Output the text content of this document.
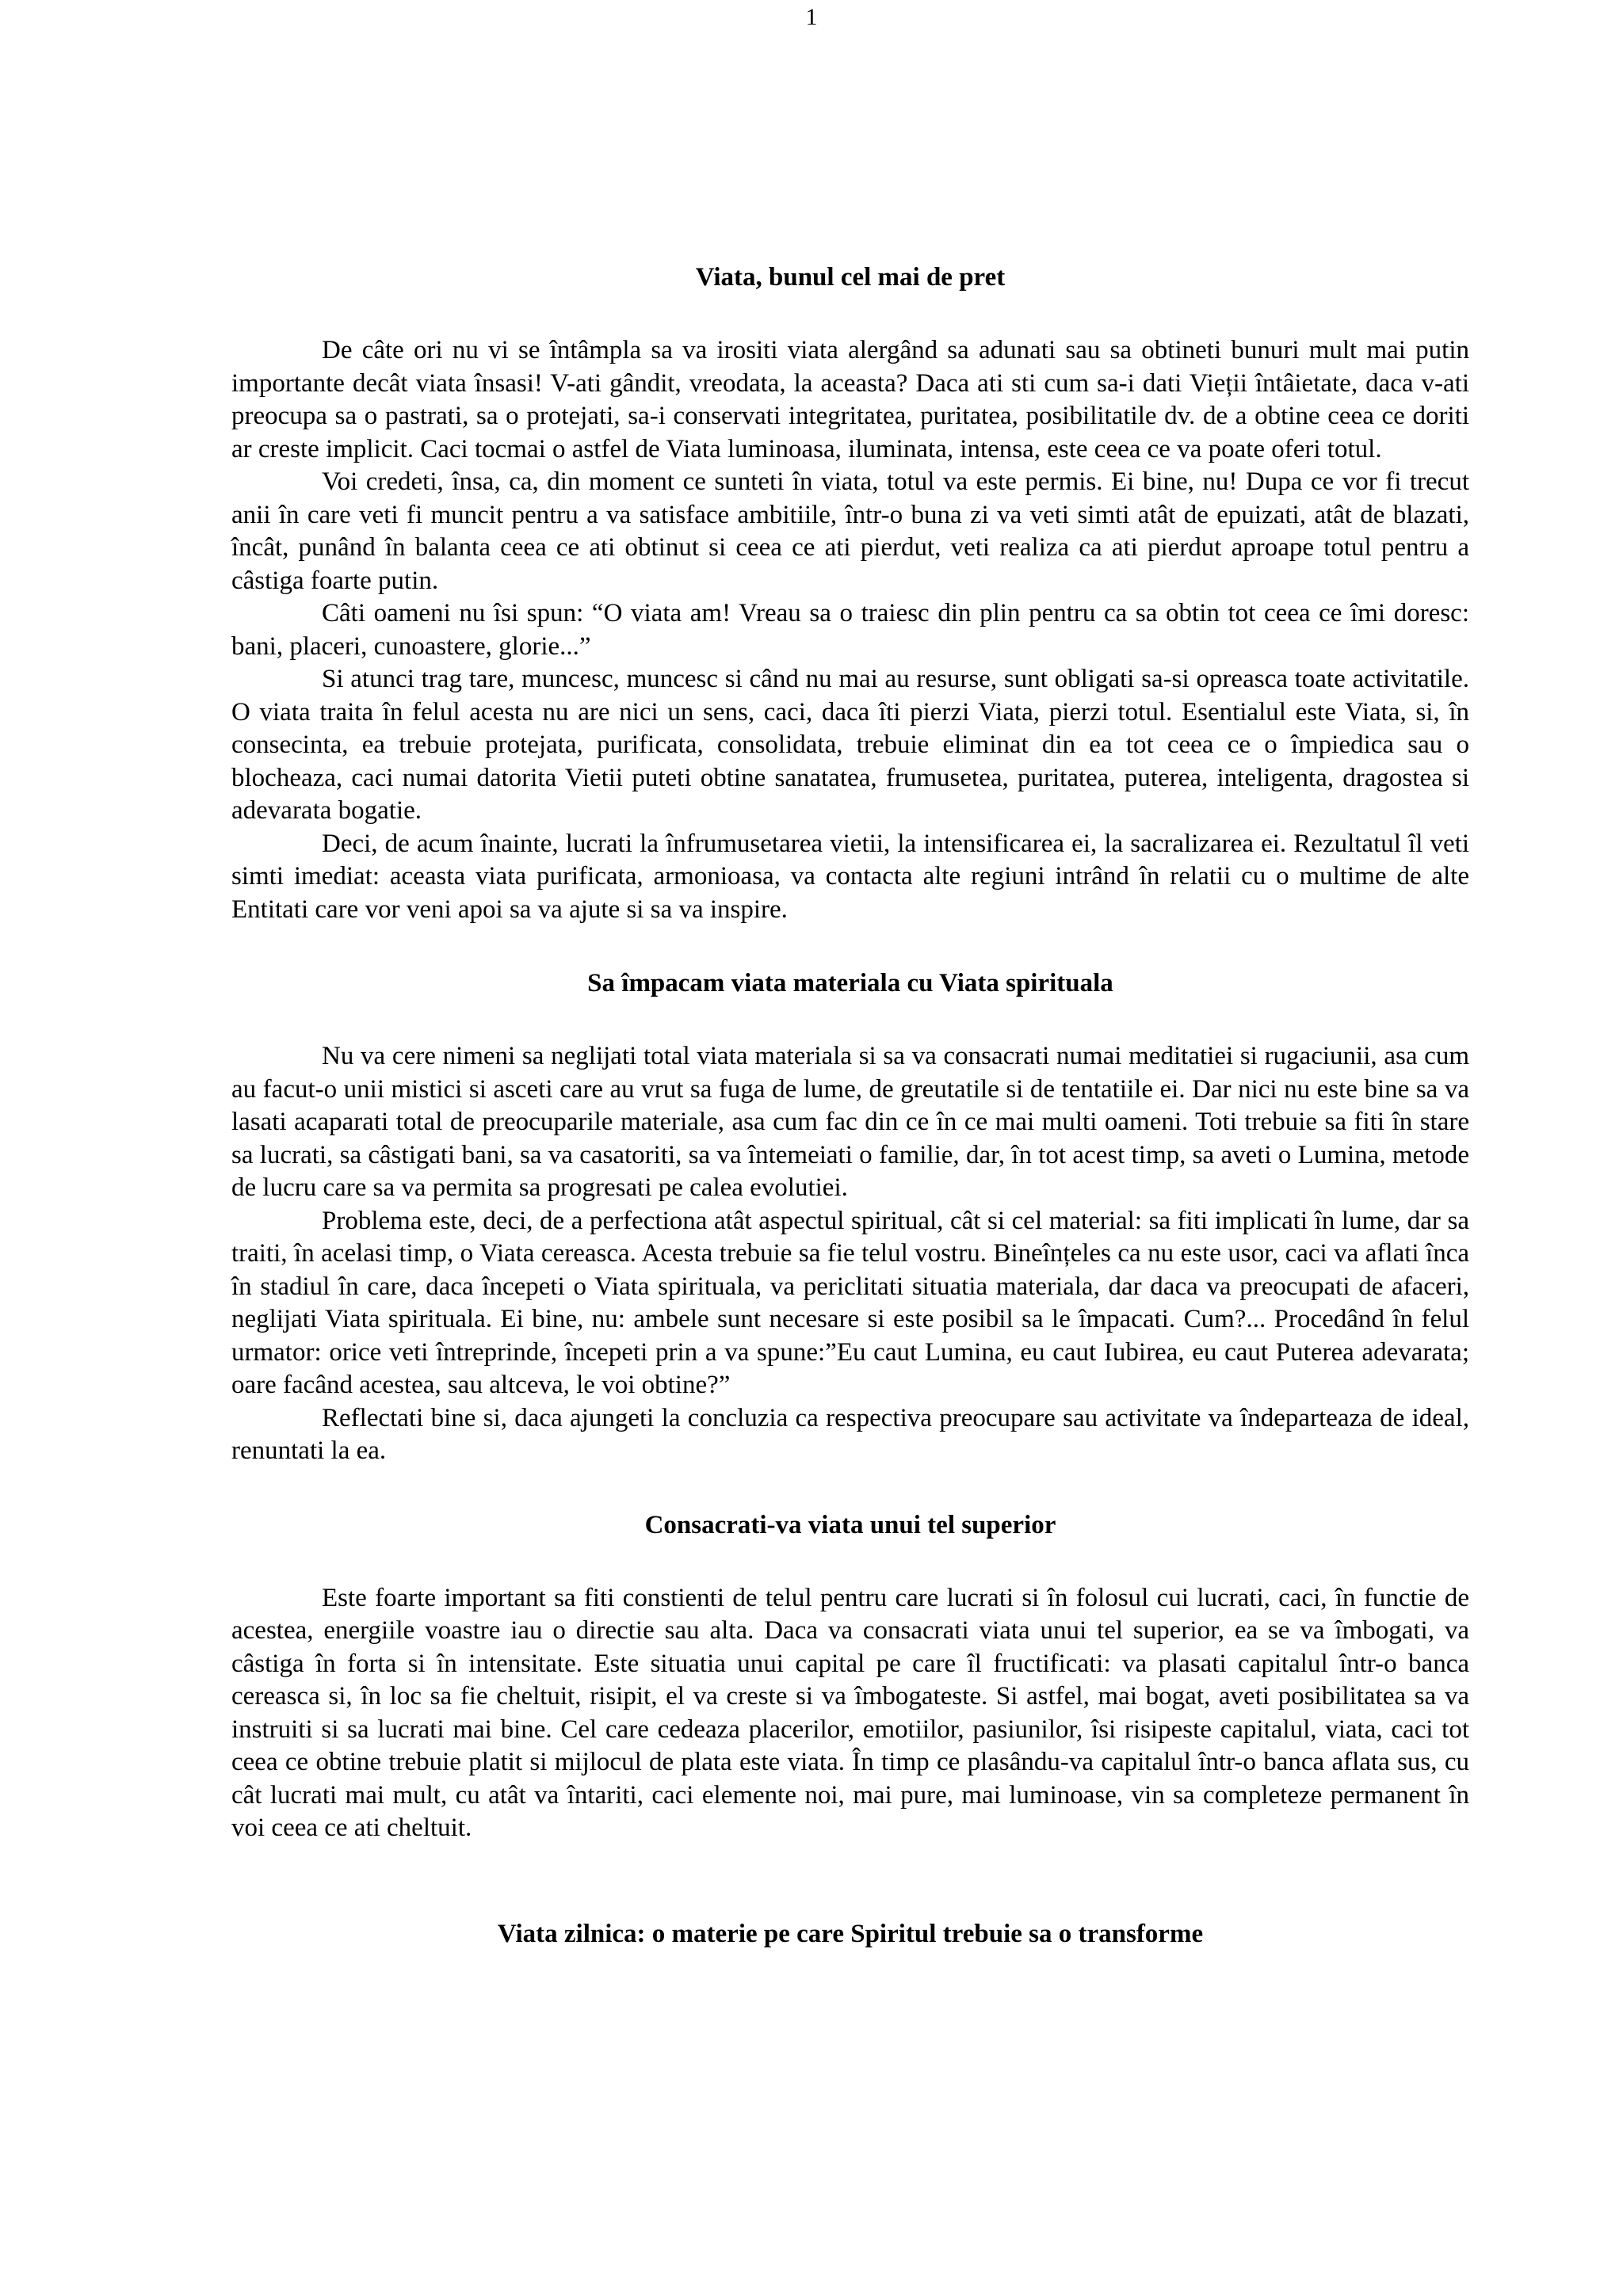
1
Viata, bunul cel mai de pret

De câte ori nu vi se întâmpla sa va irositi viata alergând sa adunati sau sa obtineti bunuri mult mai putin importante decât viata însasi! V-ati gândit, vreodata, la aceasta? Daca ati sti cum sa-i dati Vieții întâietate, daca v-ati preocupa sa o pastrati, sa o protejati, sa-i conservati integritatea, puritatea, posibilitatile dv. de a obtine ceea ce doriti ar creste implicit. Caci tocmai o astfel de Viata luminoasa, iluminata, intensa, este ceea ce va poate oferi totul.

Voi credeti, însa, ca, din moment ce sunteti în viata, totul va este permis. Ei bine, nu! Dupa ce vor fi trecut anii în care veti fi muncit pentru a va satisface ambitiile, într-o buna zi va veti simti atât de epuizati, atât de blazati, încât, punând în balanta ceea ce ati obtinut si ceea ce ati pierdut, veti realiza ca ati pierdut aproape totul pentru a câstiga foarte putin.

Câti oameni nu îsi spun: “O viata am! Vreau sa o traiesc din plin pentru ca sa obtin tot ceea ce îmi doresc: bani, placeri, cunoastere, glorie...”

Si atunci trag tare, muncesc, muncesc si când nu mai au resurse, sunt obligati sa-si opreasca toate activitatile. O viata traita în felul acesta nu are nici un sens, caci, daca îti pierzi Viata, pierzi totul. Esentialul este Viata, si, în consecinta, ea trebuie protejata, purificata, consolidata, trebuie eliminat din ea tot ceea ce o împiedica sau o blocheaza, caci numai datorita Vietii puteti obtine sanatatea, frumusetea, puritatea, puterea, inteligenta, dragostea si adevarata bogatie.

Deci, de acum înainte, lucrati la înfrumusetarea vietii, la intensificarea ei, la sacralizarea ei. Rezultatul îl veti simti imediat: aceasta viata purificata, armonioasa, va contacta alte regiuni intrând în relatii cu o multime de alte Entitati care vor veni apoi sa va ajute si sa va inspire.

Sa împacam viata materiala cu Viata spirituala

Nu va cere nimeni sa neglijati total viata materiala si sa va consacrati numai meditatiei si rugaciunii, asa cum au facut-o unii mistici si asceti care au vrut sa fuga de lume, de greutatile si de tentatiile ei. Dar nici nu este bine sa va lasati acaparati total de preocuparile materiale, asa cum fac din ce în ce mai multi oameni. Toti trebuie sa fiti în stare sa lucrati, sa câstigati bani, sa va casatoriti, sa va întemeiati o familie, dar, în tot acest timp, sa aveti o Lumina, metode de lucru care sa va permita sa progresati pe calea evolutiei.

Problema este, deci, de a perfectiona atât aspectul spiritual, cât si cel material: sa fiti implicati în lume, dar sa traiti, în acelasi timp, o Viata cereasca. Acesta trebuie sa fie telul vostru. Bineînțeles ca nu este usor, caci va aflati înca în stadiul în care, daca începeti o Viata spirituala, va periclitati situatia materiala, dar daca va preocupati de afaceri, neglijati Viata spirituala. Ei bine, nu: ambele sunt necesare si este posibil sa le împacati. Cum?... Procedând în felul urmator: orice veti întreprinde, începeti prin a va spune:”Eu caut Lumina, eu caut Iubirea, eu caut Puterea adevarata; oare facând acestea, sau altceva, le voi obtine?”

Reflectati bine si, daca ajungeti la concluzia ca respectiva preocupare sau activitate va îndeparteaza de ideal, renuntati la ea.

Consacrati-va viata unui tel superior

Este foarte important sa fiti constienti de telul pentru care lucrati si în folosul cui lucrati, caci, în functie de acestea, energiile voastre iau o directie sau alta. Daca va consacrati viata unui tel superior, ea se va îmbogati, va câstiga în forta si în intensitate. Este situatia unui capital pe care îl fructificati: va plasati capitalul într-o banca cereasca si, în loc sa fie cheltuit, risipit, el va creste si va îmbogateste. Si astfel, mai bogat, aveti posibilitatea sa va instruiti si sa lucrati mai bine. Cel care cedeaza placerilor, emotiilor, pasiunilor, îsi risipeste capitalul, viata, caci tot ceea ce obtine trebuie platit si mijlocul de plata este viata. În timp ce plasându-va capitalul într-o banca aflata sus, cu cât lucrati mai mult, cu atât va întariti, caci elemente noi, mai pure, mai luminoase, vin sa completeze permanent în voi ceea ce ati cheltuit.

Viata zilnica: o materie pe care Spiritul trebuie sa o transforme
